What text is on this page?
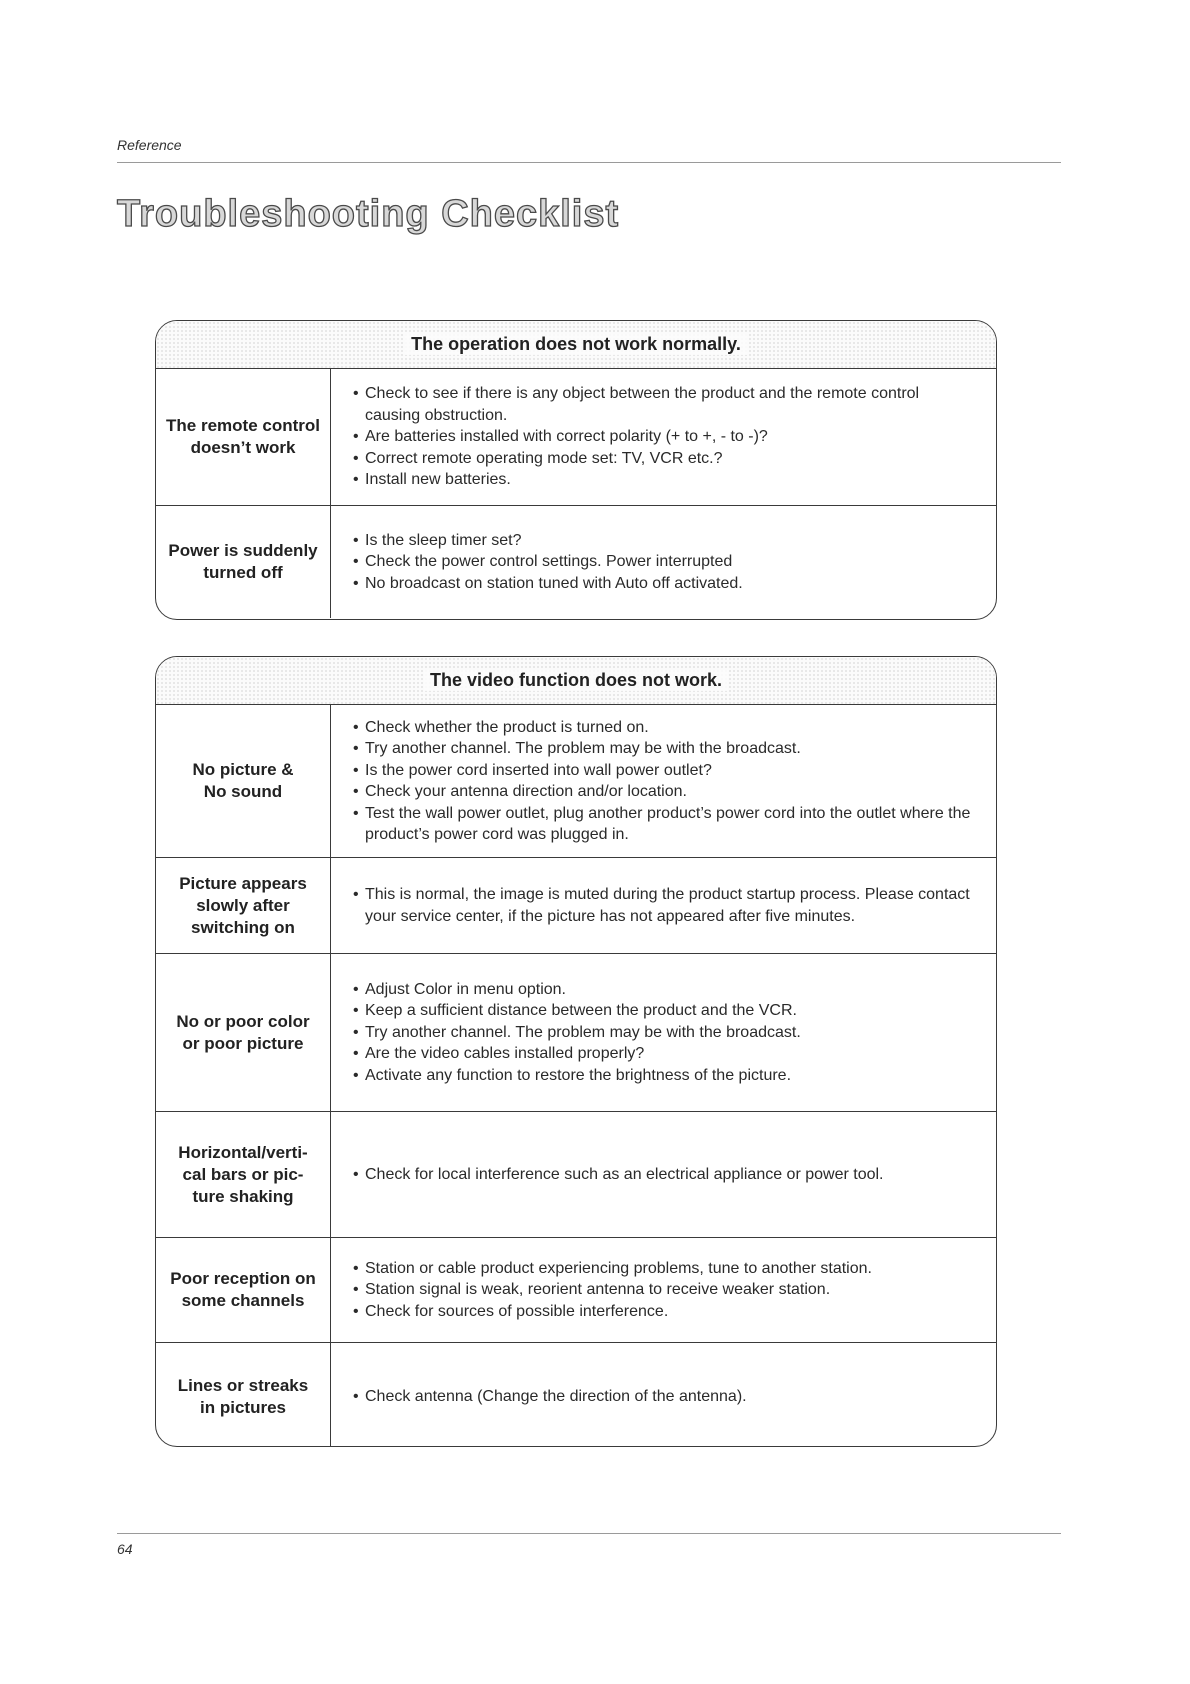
Reference
Troubleshooting Checklist
The operation does not work normally.
The remote control
doesn’t work
• Check to see if there is any object between the product and the remote control causing obstruction.
• Are batteries installed with correct polarity (+ to +, - to -)?
• Correct remote operating mode set: TV, VCR etc.?
• Install new batteries.
Power is suddenly
turned off
• Is the sleep timer set?
• Check the power control settings. Power interrupted
• No broadcast on station tuned with Auto off activated.
The video function does not work.
No picture &
No sound
• Check whether the product is turned on.
• Try another channel. The problem may be with the broadcast.
• Is the power cord inserted into wall power outlet?
• Check your antenna direction and/or location.
• Test the wall power outlet, plug another product’s power cord into the outlet where the product’s power cord was plugged in.
Picture appears
slowly after
switching on
• This is normal, the image is muted during the product startup process. Please contact your service center, if the picture has not appeared after five minutes.
No or poor color
or poor picture
• Adjust Color in menu option.
• Keep a sufficient distance between the product and the VCR.
• Try another channel. The problem may be with the broadcast.
• Are the video cables installed properly?
• Activate any function to restore the brightness of the picture.
Horizontal/verti-
cal bars or pic-
ture shaking
• Check for local interference such as an electrical appliance or power tool.
Poor reception on
some channels
• Station or cable product experiencing problems, tune to another station.
• Station signal is weak, reorient antenna to receive weaker station.
• Check for sources of possible interference.
Lines or streaks
in pictures
• Check antenna (Change the direction of the antenna).
64
